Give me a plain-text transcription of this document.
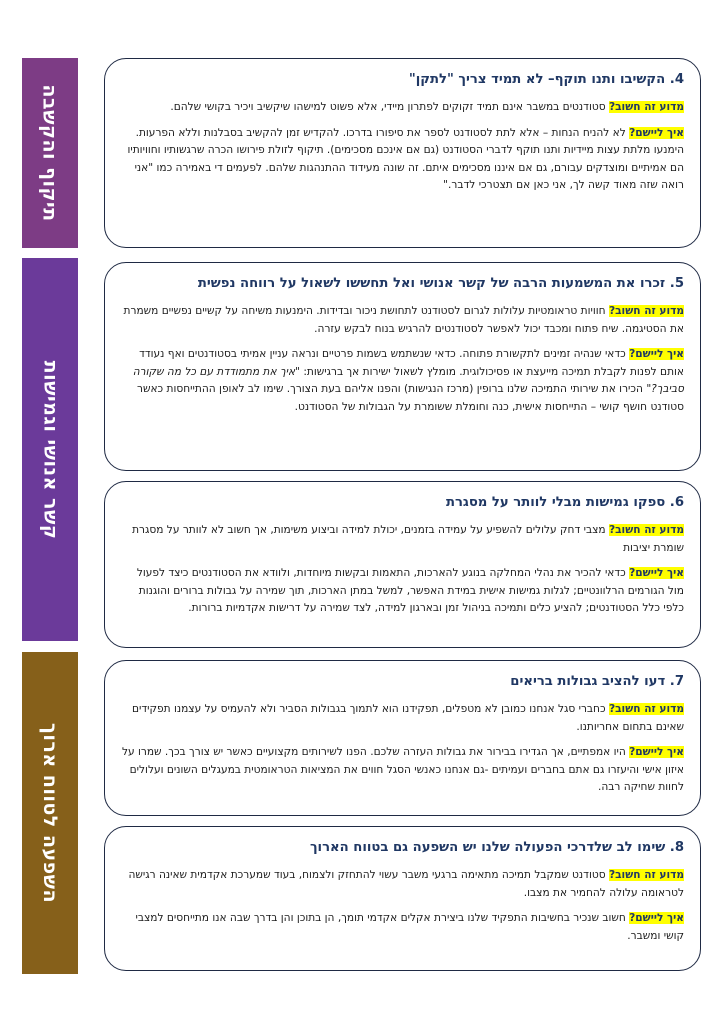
תיקוף והקשבה
קשר אנושי וגמישות
השפעה לטווח ארוך
4. הקשיבו ותנו תוקף– לא תמיד צריך "לתקן"

מדוע זה חשוב? סטודנטים במשבר אינם תמיד זקוקים לפתרון מיידי, אלא פשוט למישהו שיקשיב ויכיר בקושי שלהם.

איך ליישם? לא להניח הנחות – אלא לתת לסטודנט לספר את סיפורו בדרכו. להקדיש זמן להקשיב בסבלנות וללא הפרעות. הימנעו מלתת עצות מיידיות ותנו תוקף לדברי הסטודנט (גם אם אינכם מסכימים). תיקוף לזולת פירושו הכרה שרגשותיו וחוויותיו הם אמיתיים ומוצדקים עבורם, גם אם איננו מסכימים איתם. זה שונה מעידוד ההתנהגות שלהם. לפעמים די באמירה כמו "אני רואה שזה מאוד קשה לך, אני כאן אם תצטרכי לדבר."

5. זכרו את המשמעות הרבה של קשר אנושי ואל תחששו לשאול על רווחה נפשית

מדוע זה חשוב? חוויות טראומטיות עלולות לגרום לסטודנט לתחושת ניכור ובדידות. הימנעות משיחה על קשיים נפשיים משמרת את הסטיגמה. שיח פתוח ומכבד יכול לאפשר לסטודנטים להרגיש בנוח לבקש עזרה.

איך ליישם? כדאי שנהיה זמינים לתקשורת פתוחה. כדאי שנשתמש בשמות פרטיים ונראה עניין אמיתי בסטודנטים ואף נעודד אותם לפנות לקבלת תמיכה מייעצת או פסיכולוגית. מומלץ לשאול ישירות אך ברגישות: "איך את מתמודדת עם כל מה שקורה סביבך?" הכירו את שירותי התמיכה שלנו ברופין (מרכז הנגישות) והפנו אליהם בעת הצורך. שימו לב לאופן ההתייחסות כאשר סטודנט חושף קושי – התייחסות אישית, כנה וחומלת ששומרת על הגבולות של הסטודנט.

6. ספקו גמישות מבלי לוותר על מסגרת

מדוע זה חשוב? מצבי דחק עלולים להשפיע על עמידה בזמנים, יכולת למידה וביצוע משימות, אך חשוב לא לוותר על מסגרת שומרת יציבות

איך ליישם? כדאי להכיר את נהלי המחלקה בנוגע להארכות, התאמות ובקשות מיוחדות, ולוודא את הסטודנטים כיצד לפעול מול הגורמים הרלוונטיים; לגלות גמישות אישית במידת האפשר, למשל במתן הארכות, תוך שמירה על גבולות ברורים והוגנות כלפי כלל הסטודנטים; להציע כלים ותמיכה בניהול זמן ובארגון למידה, לצד שמירה על דרישות אקדמיות ברורות.

7. דעו להציב גבולות בריאים

מדוע זה חשוב? כחברי סגל אנחנו כמובן לא מטפלים, תפקידנו הוא לתמוך בגבולות הסביר ולא להעמיס על עצמנו תפקידים שאינם בתחום אחריותנו.

איך ליישם? היו אמפתיים, אך הגדירו בבירור את גבולות העזרה שלכם. הפנו לשירותים מקצועיים כאשר יש צורך בכך. שמרו על איזון אישי והיעזרו גם אתם בחברים ועמיתים -גם אנחנו כאנשי הסגל חווים את המציאות הטראומטית במעגלים השונים ועלולים לחוות שחיקה רבה.

8. שימו לב שלדרכי הפעולה שלנו יש השפעה גם בטווח הארוך

מדוע זה חשוב? סטודנט שמקבל תמיכה מתאימה ברגעי משבר עשוי להתחזק ולצמוח, בעוד שמערכת אקדמית שאינה רגישה לטראומה עלולה להחמיר את מצבו.

איך ליישם? חשוב שנכיר בחשיבות התפקיד שלנו ביצירת אקלים אקדמי תומך, הן בתוכן והן בדרך שבה אנו מתייחסים למצבי קושי ומשבר.
